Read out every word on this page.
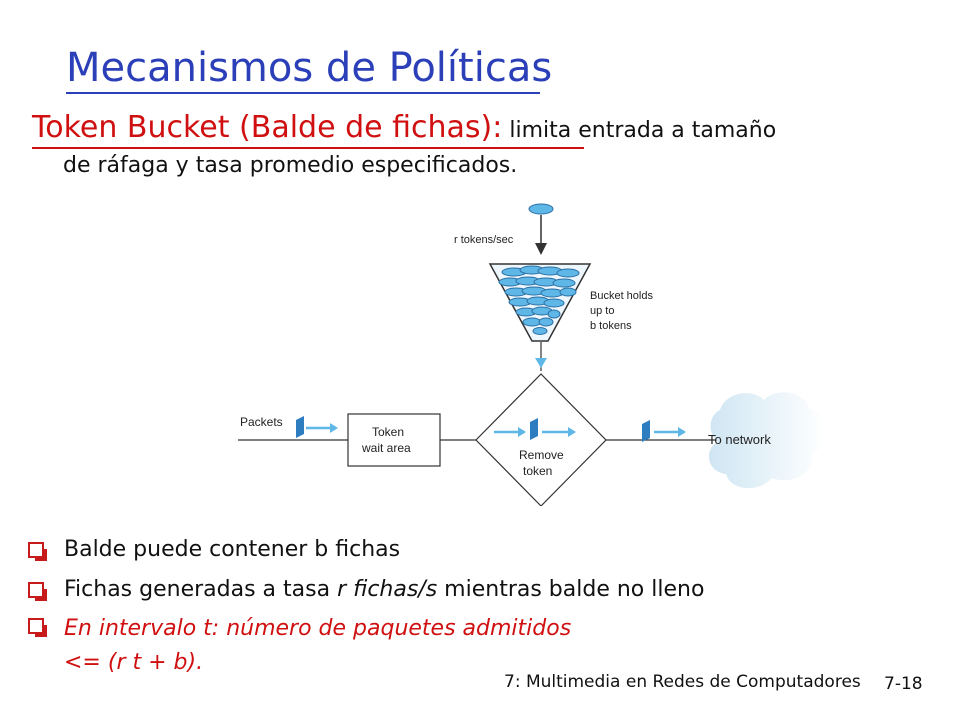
Mecanismos de Políticas
Token Bucket (Balde de fichas): limita entrada a tamaño
de ráfaga y tasa promedio especificados.
r tokens/sec
Bucket holds
up to
b tokens
Packets
Token
wait area	Remove
token
To network
Balde puede contener b fichas
Fichas generadas a tasa r fichas/s mientras balde no lleno
En intervalo t: número de paquetes admitidos
<= (r t + b).
7: Multimedia en Redes de Computadores 7-18
